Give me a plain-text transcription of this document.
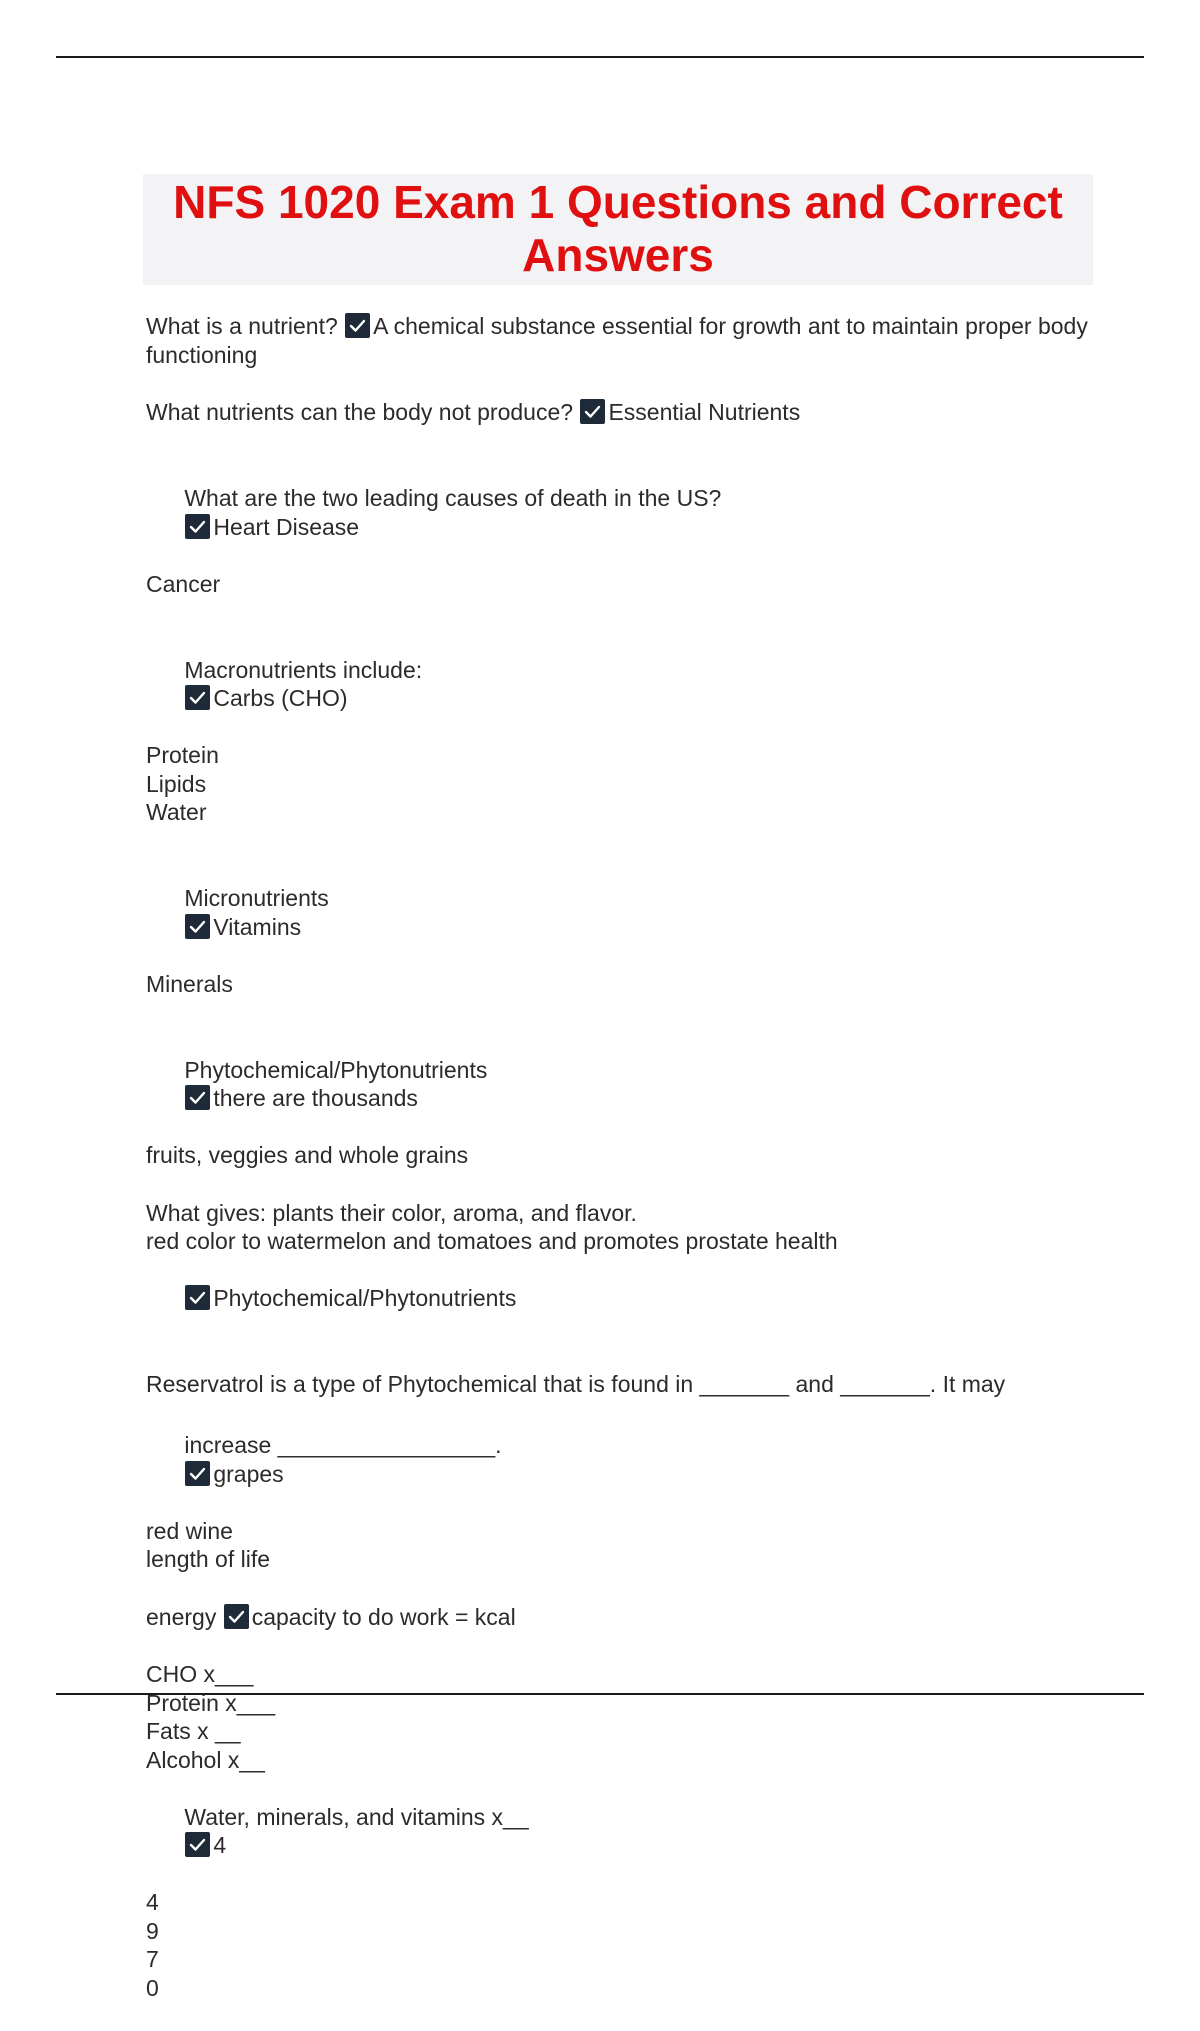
NFS 1020 Exam 1 Questions and Correct Answers
What is a nutrient? A chemical substance essential for growth ant to maintain proper body functioning
What nutrients can the body not produce? Essential Nutrients

What are the two leading causes of death in the US?

Heart Disease

Cancer

Macronutrients include:

Carbs (CHO)

Protein
Lipids
Water

Micronutrients

Vitamins

Minerals

Phytochemical/Phytonutrients

there are thousands

fruits, veggies and whole grains
What gives: plants their color, aroma, and flavor.
red color to watermelon and tomatoes and promotes prostate health

Phytochemical/Phytonutrients

Reservatrol is a type of Phytochemical that is found in _______ and _______. It may

increase _________________.

grapes

red wine
length of life
energy capacity to do work = kcal
CHO x___
Protein x___
Fats x __
Alcohol x__

Water, minerals, and vitamins x__

4

4
9
7
0
